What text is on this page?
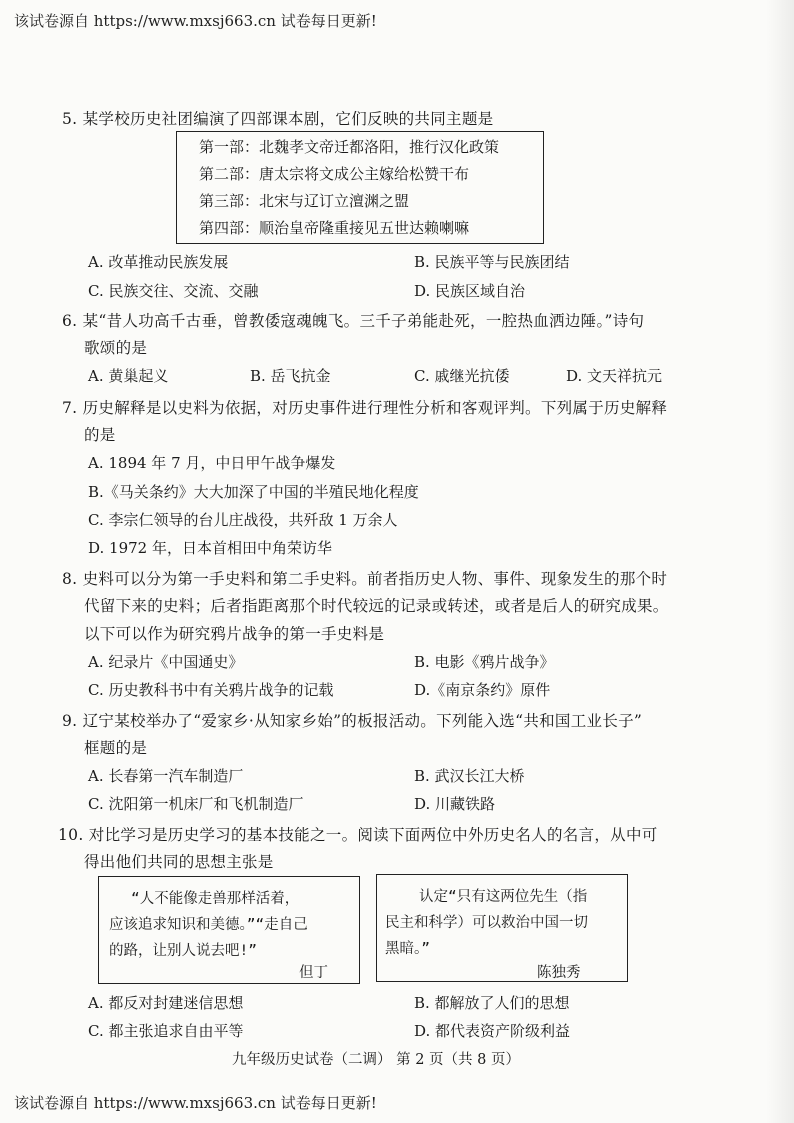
该试卷源自 https://www.mxsj663.cn 试卷每日更新!
5. 某学校历史社团编演了四部课本剧，它们反映的共同主题是
第一部：北魏孝文帝迁都洛阳，推行汉化政策
第二部：唐太宗将文成公主嫁给松赞干布
第三部：北宋与辽订立澶渊之盟
第四部：顺治皇帝隆重接见五世达赖喇嘛
A. 改革推动民族发展	B. 民族平等与民族团结
C. 民族交往、交流、交融	D. 民族区域自治
6. 某“昔人功高千古垂，曾教倭寇魂魄飞。三千子弟能赴死，一腔热血洒边陲。”诗句
歌颂的是
A. 黄巢起义	B. 岳飞抗金	C. 戚继光抗倭	D. 文天祥抗元
7. 历史解释是以史料为依据，对历史事件进行理性分析和客观评判。下列属于历史解释
的是
A. 1894 年 7 月，中日甲午战争爆发
B.《马关条约》大大加深了中国的半殖民地化程度
C. 李宗仁领导的台儿庄战役，共歼敌 1 万余人
D. 1972 年，日本首相田中角荣访华
8. 史料可以分为第一手史料和第二手史料。前者指历史人物、事件、现象发生的那个时
代留下来的史料；后者指距离那个时代较远的记录或转述，或者是后人的研究成果。
以下可以作为研究鸦片战争的第一手史料是
A. 纪录片《中国通史》	B. 电影《鸦片战争》
C. 历史教科书中有关鸦片战争的记载	D.《南京条约》原件
9. 辽宁某校举办了“爱家乡·从知家乡始”的板报活动。下列能入选“共和国工业长子”
框题的是
A. 长春第一汽车制造厂	B. 武汉长江大桥
C. 沈阳第一机床厂和飞机制造厂	D. 川藏铁路
10. 对比学习是历史学习的基本技能之一。阅读下面两位中外历史名人的名言，从中可
得出他们共同的思想主张是
“人不能像走兽那样活着，
应该追求知识和美德。”“走自己
的路，让别人说去吧!”
但丁
认定“只有这两位先生（指
民主和科学）可以救治中国一切
黑暗。”
陈独秀
A. 都反对封建迷信思想	B. 都解放了人们的思想
C. 都主张追求自由平等	D. 都代表资产阶级利益
九年级历史试卷（二调） 第 2 页（共 8 页）
该试卷源自 https://www.mxsj663.cn 试卷每日更新!
